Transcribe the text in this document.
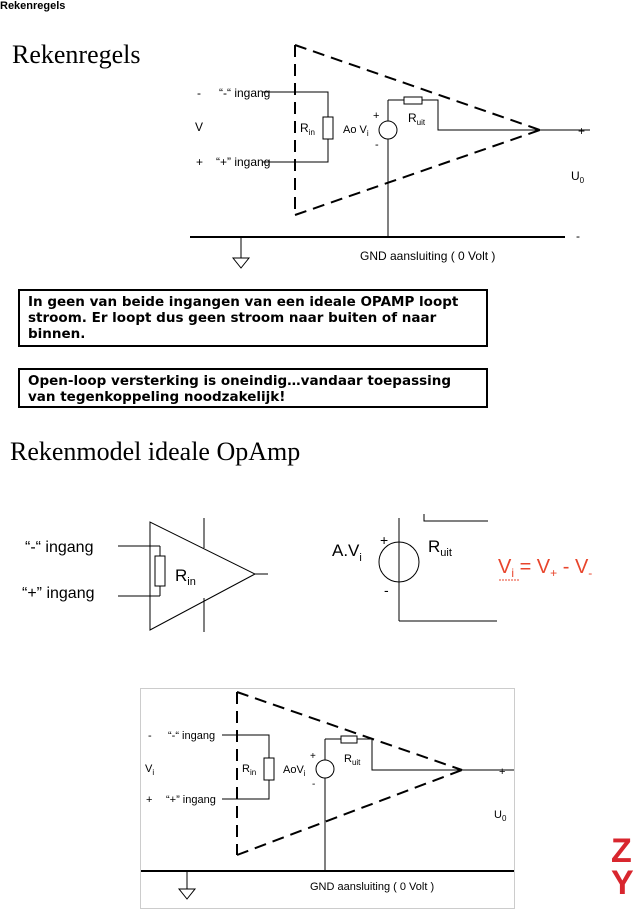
Rekenregels
Rekenregels
- “-“ ingang
V
+ “+” ingang
$R_{in}$	Ao $V_i$
+
-
$R_{uit}$
+
$U_0$
-
GND aansluiting ( 0 Volt )
In geen van beide ingangen van een ideale OPAMP loopt
stroom. Er loopt dus geen stroom naar buiten of naar
binnen.
Open-loop versterking is oneindig…vandaar toepassing
van tegenkoppeling noodzakelijk!
Rekenmodel ideale OpAmp
“-“ ingang
“+” ingang
$R_{in}$
$A.V_i$
+
-
$R_{uit}$
$V_i = V_+ - V_-$
- “-“ ingang
$V_i$
+ “+” ingang
$R_{in}$ AoV$_i$
+
-
$R_{uit}$
+
$U_0$
-
GND aansluiting ( 0 Volt )
Z
Y
